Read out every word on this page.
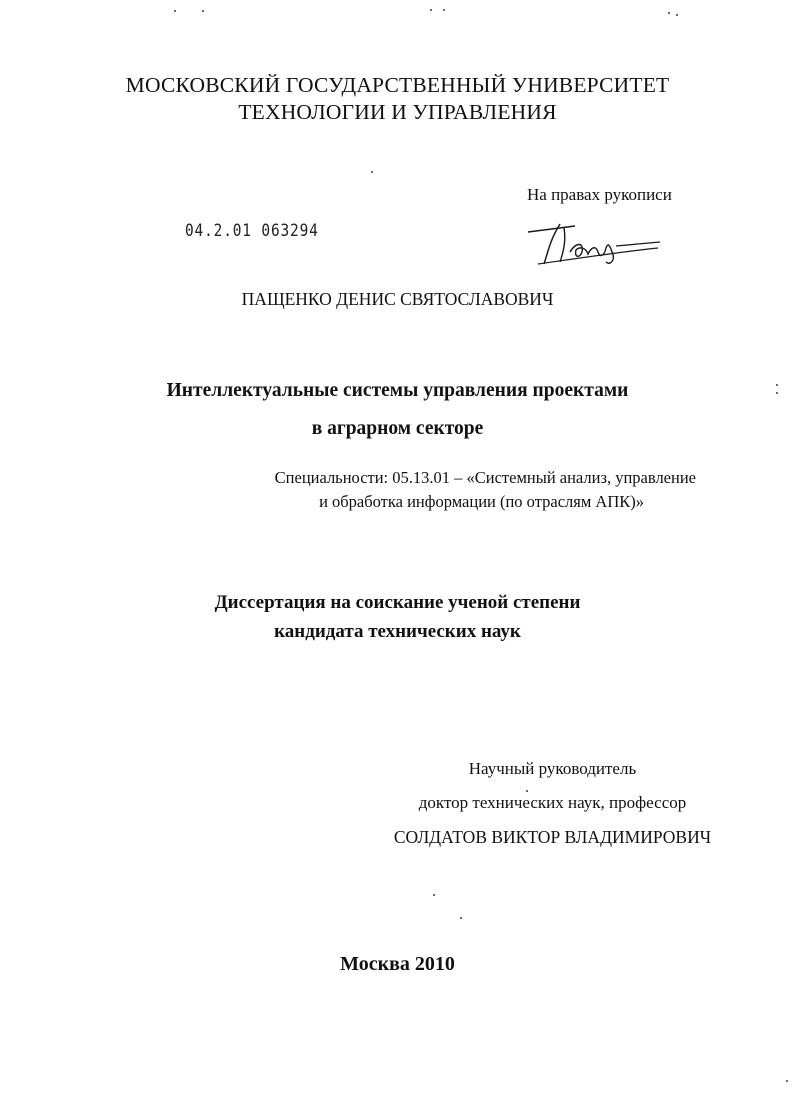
МОСКОВСКИЙ ГОСУДАРСТВЕННЫЙ УНИВЕРСИТЕТ
ТЕХНОЛОГИИ И УПРАВЛЕНИЯ
На правах рукописи
04.2.01 063294
ПАЩЕНКО ДЕНИС СВЯТОСЛАВОВИЧ
Интеллектуальные системы управления проектами
в аграрном секторе
Специальности: 05.13.01 – «Системный анализ, управление
и обработка информации (по отраслям АПК)»
Диссертация на соискание ученой степени
кандидата технических наук
Научный руководитель
доктор технических наук, профессор
СОЛДАТОВ ВИКТОР ВЛАДИМИРОВИЧ
Москва 2010
